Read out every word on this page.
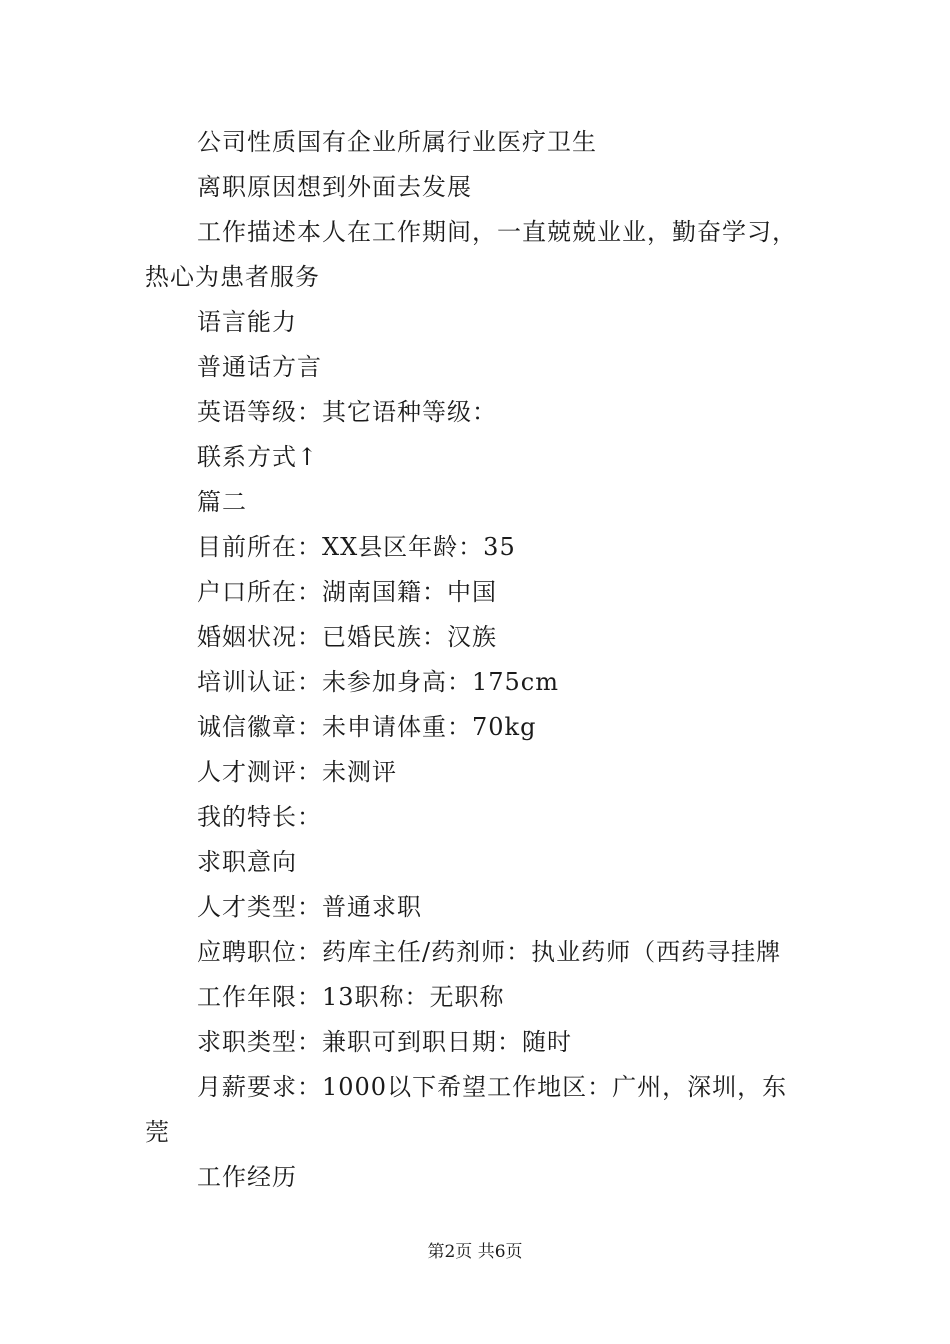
公司性质国有企业所属行业医疗卫生

离职原因想到外面去发展

工作描述本人在工作期间，一直兢兢业业，勤奋学习，

热心为患者服务

语言能力

普通话方言

英语等级：其它语种等级：

联系方式↑

篇二

目前所在：XX县区年龄：35

户口所在：湖南国籍：中国

婚姻状况：已婚民族：汉族

培训认证：未参加身高：175cm

诚信徽章：未申请体重：70kg

人才测评：未测评

我的特长：

求职意向

人才类型：普通求职

应聘职位：药库主任/药剂师：执业药师（西药寻挂牌

工作年限：13职称：无职称

求职类型：兼职可到职日期：随时

月薪要求：1000以下希望工作地区：广州，深圳，东

莞

工作经历

第2页 共6页
